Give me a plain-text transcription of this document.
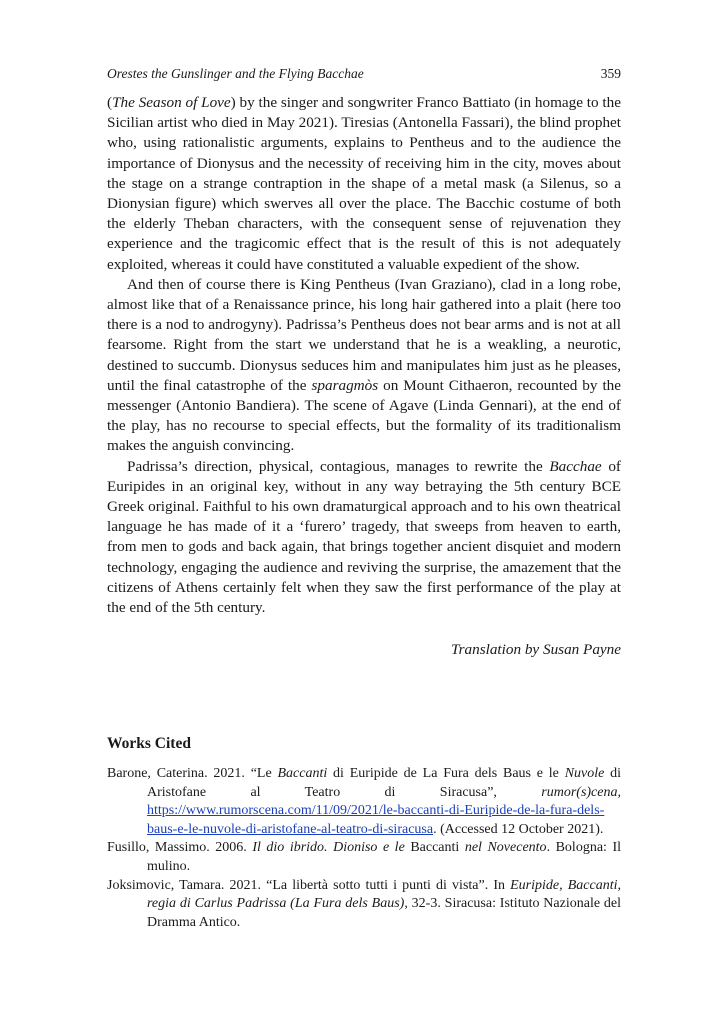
Orestes the Gunslinger and the Flying Bacchae	359

(The Season of Love) by the singer and songwriter Franco Battiato (in homage to the Sicilian artist who died in May 2021). Tiresias (Antonella Fassari), the blind prophet who, using rationalistic arguments, explains to Pentheus and to the audience the importance of Dionysus and the necessity of receiving him in the city, moves about the stage on a strange contraption in the shape of a metal mask (a Silenus, so a Dionysian figure) which swerves all over the place. The Bacchic costume of both the elderly Theban characters, with the consequent sense of rejuvenation they experience and the tragicomic effect that is the result of this is not adequately exploited, whereas it could have constituted a valuable expedient of the show.

And then of course there is King Pentheus (Ivan Graziano), clad in a long robe, almost like that of a Renaissance prince, his long hair gathered into a plait (here too there is a nod to androgyny). Padrissa’s Pentheus does not bear arms and is not at all fearsome. Right from the start we understand that he is a weakling, a neurotic, destined to succumb. Dionysus seduces him and manipulates him just as he pleases, until the final catastrophe of the sparagmòs on Mount Cithaeron, recounted by the messenger (Antonio Bandiera). The scene of Agave (Linda Gennari), at the end of the play, has no recourse to special effects, but the formality of its traditionalism makes the anguish convincing.

Padrissa’s direction, physical, contagious, manages to rewrite the Bacchae of Euripides in an original key, without in any way betraying the 5th century BCE Greek original. Faithful to his own dramaturgical approach and to his own theatrical language he has made of it a ‘furero’ tragedy, that sweeps from heaven to earth, from men to gods and back again, that brings together ancient disquiet and modern technology, engaging the audience and reviving the surprise, the amazement that the citizens of Athens certainly felt when they saw the first performance of the play at the end of the 5th century.

Translation by Susan Payne
Works Cited

Barone, Caterina. 2021. “Le Baccanti di Euripide de La Fura dels Baus e le Nuvole di Aristofane al Teatro di Siracusa”, rumor(s)cena, https://www.rumorscena.com/11/09/2021/le-baccanti-di-Euripide-de-la-fura-dels-baus-e-le-nuvole-di-aristofane-al-teatro-di-siracusa. (Accessed 12 October 2021).

Fusillo, Massimo. 2006. Il dio ibrido. Dioniso e le Baccanti nel Novecento. Bologna: Il mulino.

Joksimovic, Tamara. 2021. “La libertà sotto tutti i punti di vista”. In Euripide, Baccanti, regia di Carlus Padrissa (La Fura dels Baus), 32-3. Siracusa: Istituto Nazionale del Dramma Antico.
